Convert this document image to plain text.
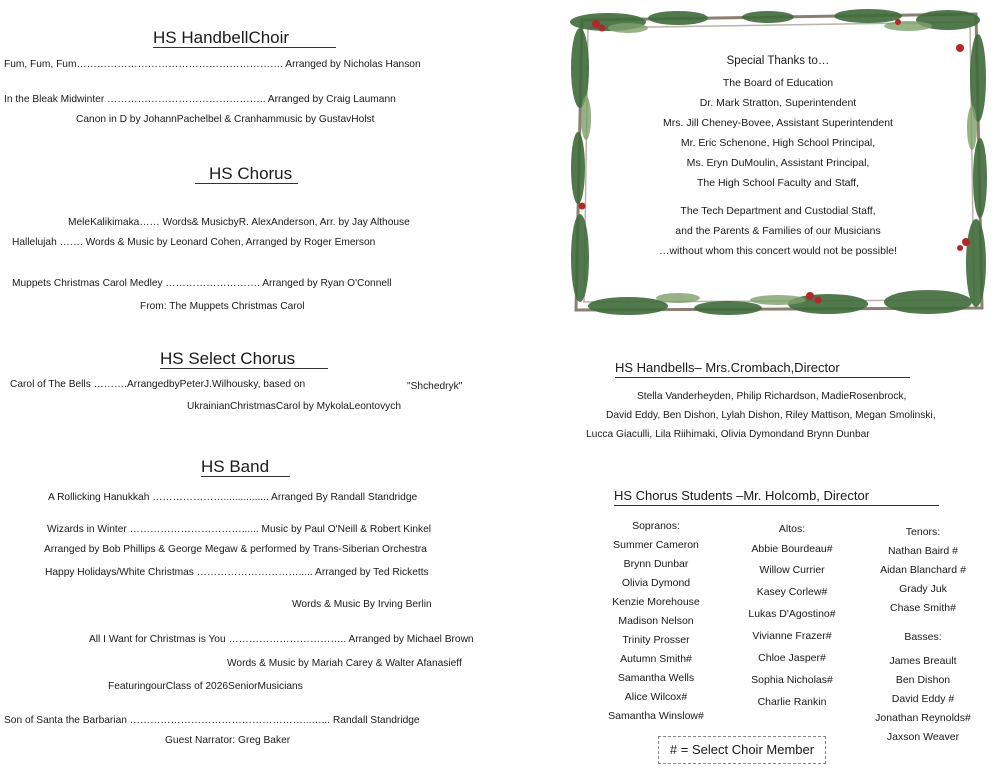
HS HandbellChoir
Fum, Fum, Fum……………………………………………………. Arranged by Nicholas Hanson
In the Bleak Midwinter ……………………………………….. Arranged by Craig Laumann
Canon in D by JohannPachelbel & Cranhammusic by GustavHolst
HS Chorus
MeleKalikimaka…… Words& MusicbyR. AlexAnderson, Arr. by Jay Althouse
Hallelujah ……. Words & Music by Leonard Cohen, Arranged by Roger Emerson
Muppets Christmas Carol Medley ………………………. Arranged by Ryan O'Connell
From: The Muppets Christmas Carol
HS Select Chorus
Carol of The Bells ……….ArrangedbyPeterJ.Wilhousky, based on	"Shchedryk"
UkrainianChristmasCarol by MykolaLeontovych
HS Band
A Rollicking Hanukkah …………………................ Arranged By Randall Standridge
Wizards in Winter ……………………………...... Music by Paul O'Neill & Robert Kinkel
Arranged by Bob Phillips & George Megaw & performed by Trans-Siberian Orchestra
Happy Holidays/White Christmas …………………………..... Arranged by Ted Ricketts
Words & Music By Irving Berlin
All I Want for Christmas is You …………………………….. Arranged by Michael Brown
Words & Music by Mariah Carey & Walter Afanasieff
FeaturingourClass of 2026SeniorMusicians
Son of Santa the Barbarian ……………………………………………...…... Randall Standridge
Guest Narrator: Greg Baker
Special Thanks to…
The Board of Education
Dr. Mark Stratton, Superintendent
Mrs. Jill Cheney-Bovee, Assistant Superintendent
Mr. Eric Schenone, High School Principal,
Ms. Eryn DuMoulin, Assistant Principal,
The High School Faculty and Staff,
The Tech Department and Custodial Staff,
and the Parents & Families of our Musicians
…without whom this concert would not be possible!
HS Handbells– Mrs.Crombach,Director
Stella Vanderheyden, Philip Richardson, MadieRosenbrock,
David Eddy, Ben Dishon, Lylah Dishon, Riley Mattison, Megan Smolinski,
Lucca Giaculli, Lila Riihimaki, Olivia Dymondand Brynn Dunbar
HS Chorus Students –Mr. Holcomb, Director
Sopranos:
Summer Cameron
Brynn Dunbar
Olivia Dymond
Kenzie Morehouse
Madison Nelson
Trinity Prosser
Autumn Smith#
Samantha Wells
Alice Wilcox#
Samantha Winslow#
Altos:
Abbie Bourdeau#
Willow Currier
Kasey Corlew#
Lukas D'Agostino#
Vivianne Frazer#
Chloe Jasper#
Sophia Nicholas#
Charlie Rankin
Tenors:
Nathan Baird #
Aidan Blanchard #
Grady Juk
Chase Smith#
Basses:
James Breault
Ben Dishon
David Eddy #
Jonathan Reynolds#
Jaxson Weaver
# = Select Choir Member
